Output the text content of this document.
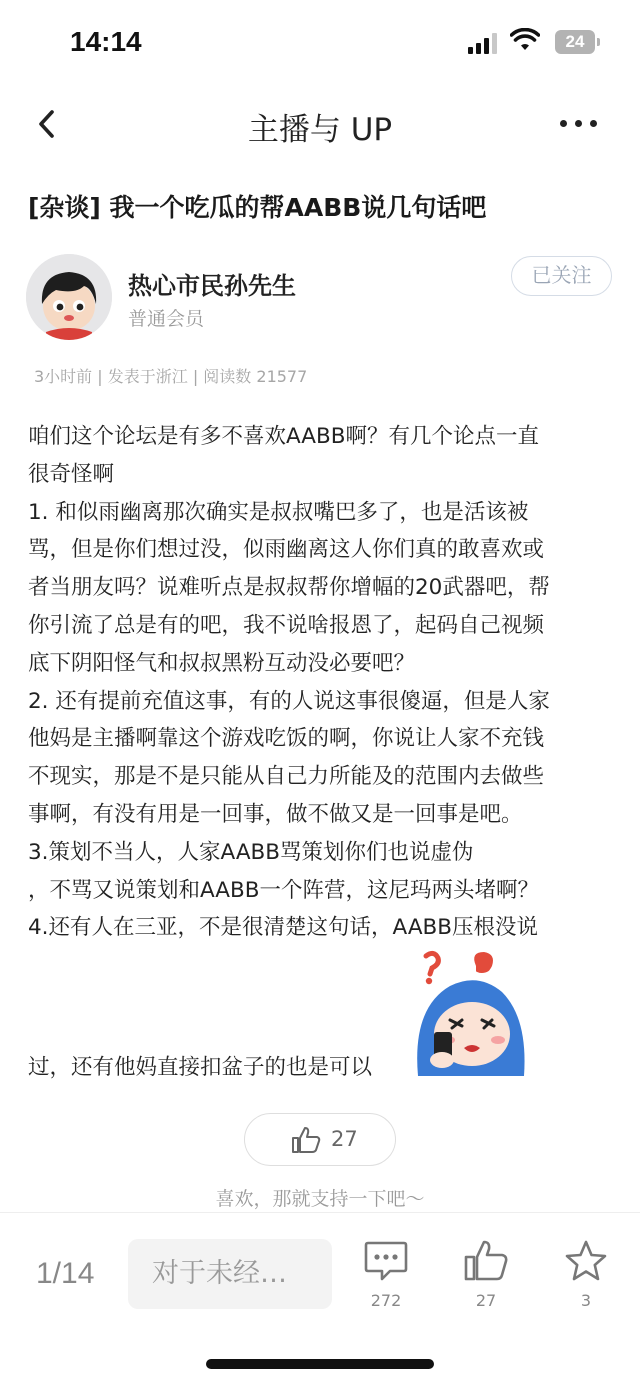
14:14	24
主播与 UP
[杂谈] 我一个吃瓜的帮AABB说几句话吧
热心市民孙先生
普通会员
已关注
3小时前 | 发表于浙江 | 阅读数 21577

咱们这个论坛是有多不喜欢AABB啊？有几个论点一直

很奇怪啊

1. 和似雨幽离那次确实是叔叔嘴巴多了，也是活该被

骂，但是你们想过没，似雨幽离这人你们真的敢喜欢或

者当朋友吗？说难听点是叔叔帮你增幅的20武器吧，帮

你引流了总是有的吧，我不说啥报恩了，起码自己视频

底下阴阳怪气和叔叔黑粉互动没必要吧？

2. 还有提前充值这事，有的人说这事很傻逼，但是人家

他妈是主播啊靠这个游戏吃饭的啊，你说让人家不充钱

不现实，那是不是只能从自己力所能及的范围内去做些

事啊，有没有用是一回事，做不做又是一回事是吧。

3.策划不当人，人家AABB骂策划你们也说虚伪

，不骂又说策划和AABB一个阵营，这尼玛两头堵啊？

4.还有人在三亚，不是很清楚这句话，AABB压根没说

过，还有他妈直接扣盆子的也是可以
27
喜欢，那就支持一下吧～
1/14	对于未经…
272	27	3
